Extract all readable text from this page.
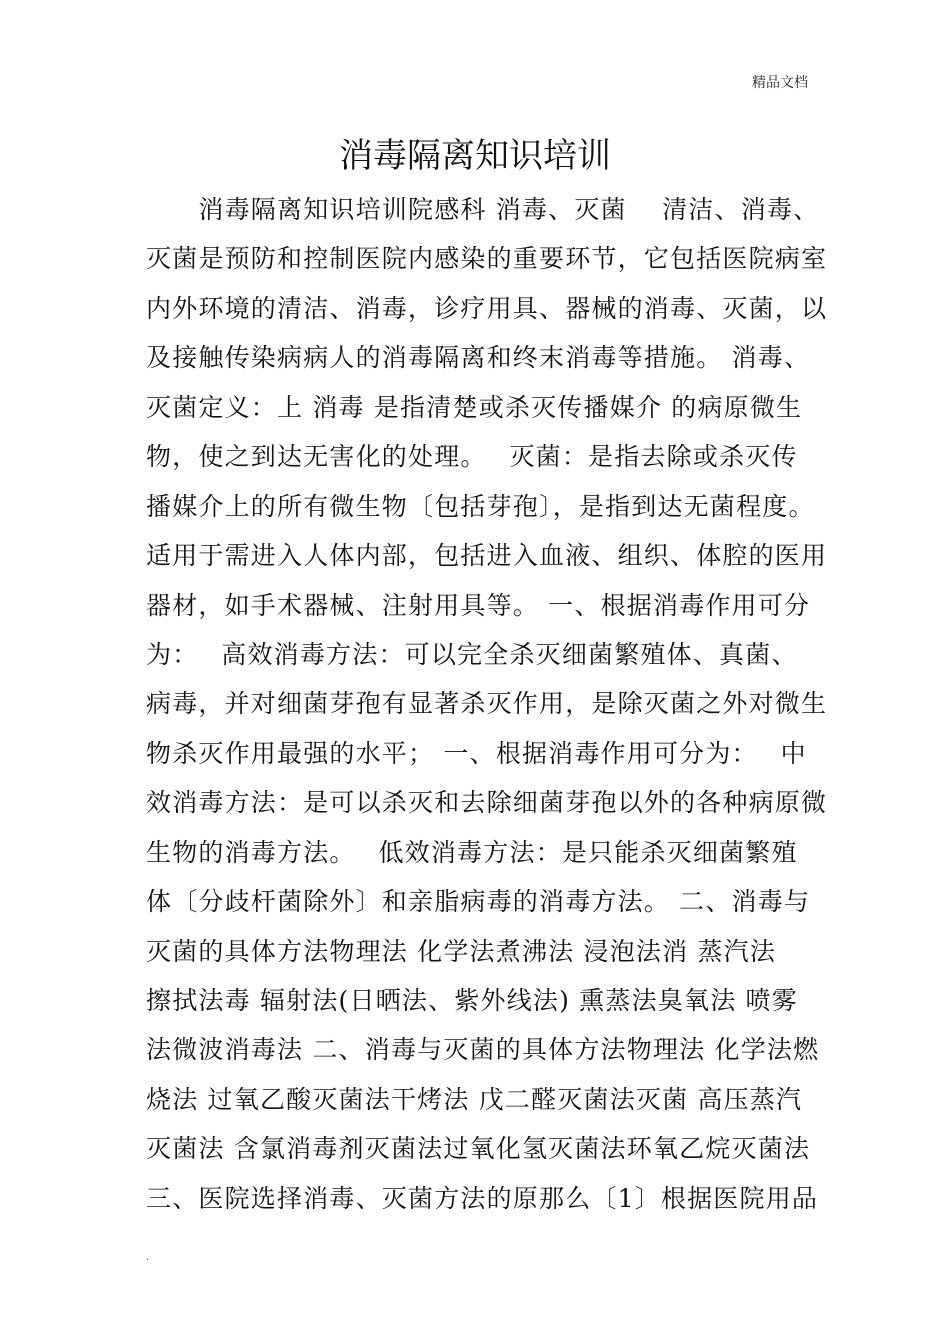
精品文档
消毒隔离知识培训
　　消毒隔离知识培训院感科 消毒、灭菌　 清洁、消毒、
灭菌是预防和控制医院内感染的重要环节，它包括医院病室
内外环境的清洁、消毒，诊疗用具、器械的消毒、灭菌，以
及接触传染病病人的消毒隔离和终末消毒等措施。 消毒、
灭菌定义：上 消毒 是指清楚或杀灭传播媒介 的病原微生
物，使之到达无害化的处理。　 灭菌：是指去除或杀灭传
播媒介上的所有微生物〔包括芽孢〕，是指到达无菌程度。
适用于需进入人体内部，包括进入血液、组织、体腔的医用
器材，如手术器械、注射用具等。 一、根据消毒作用可分
为：　 高效消毒方法：可以完全杀灭细菌繁殖体、真菌、
病毒，并对细菌芽孢有显著杀灭作用，是除灭菌之外对微生
物杀灭作用最强的水平； 一、根据消毒作用可分为：　 中
效消毒方法：是可以杀灭和去除细菌芽孢以外的各种病原微
生物的消毒方法。　 低效消毒方法：是只能杀灭细菌繁殖
体〔分歧杆菌除外〕和亲脂病毒的消毒方法。 二、消毒与
灭菌的具体方法物理法 化学法煮沸法 浸泡法消 蒸汽法
擦拭法毒 辐射法(日晒法、紫外线法) 熏蒸法臭氧法 喷雾
法微波消毒法 二、消毒与灭菌的具体方法物理法 化学法燃
烧法 过氧乙酸灭菌法干烤法 戊二醛灭菌法灭菌 高压蒸汽
灭菌法 含氯消毒剂灭菌法过氧化氢灭菌法环氧乙烷灭菌法
三、医院选择消毒、灭菌方法的原那么〔1〕根据医院用品
.
